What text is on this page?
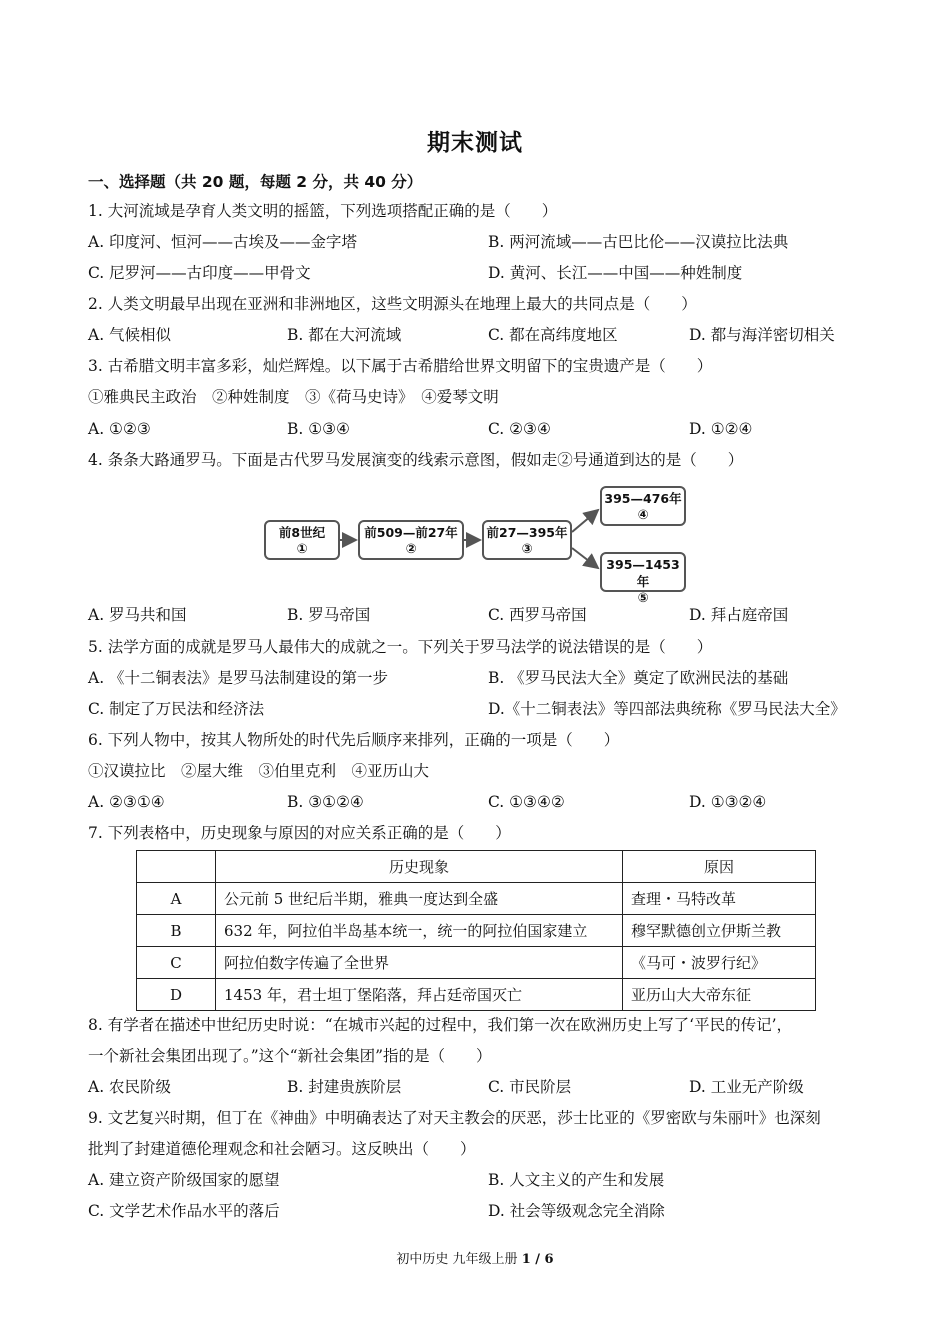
期末测试
一、选择题（共 20 题，每题 2 分，共 40 分）
1. 大河流域是孕育人类文明的摇篮，下列选项搭配正确的是（　　）
A. 印度河、恒河——古埃及——金字塔	B. 两河流域——古巴比伦——汉谟拉比法典
C. 尼罗河——古印度——甲骨文	D. 黄河、长江——中国——种姓制度
2. 人类文明最早出现在亚洲和非洲地区，这些文明源头在地理上最大的共同点是（　　）
A. 气候相似	B. 都在大河流域	C. 都在高纬度地区	D. 都与海洋密切相关
3. 古希腊文明丰富多彩，灿烂辉煌。以下属于古希腊给世界文明留下的宝贵遗产是（　　）
①雅典民主政治　②种姓制度　③《荷马史诗》　④爱琴文明
A. ①②③	B. ①③④	C. ②③④	D. ①②④
4. 条条大路通罗马。下面是古代罗马发展演变的线索示意图，假如走②号通道到达的是（　　）
前8世纪
①
前509—前27年
②
前27—395年
③
395—476年
④
395—1453年
⑤
A. 罗马共和国	B. 罗马帝国	C. 西罗马帝国	D. 拜占庭帝国
5. 法学方面的成就是罗马人最伟大的成就之一。下列关于罗马法学的说法错误的是（　　）
A. 《十二铜表法》是罗马法制建设的第一步	B. 《罗马民法大全》奠定了欧洲民法的基础
C. 制定了万民法和经济法	D.《十二铜表法》等四部法典统称《罗马民法大全》
6. 下列人物中，按其人物所处的时代先后顺序来排列，正确的一项是（　　）
①汉谟拉比　②屋大维　③伯里克利　④亚历山大
A. ②③①④	B. ③①②④	C. ①③④②	D. ①③②④
7. 下列表格中，历史现象与原因的对应关系正确的是（　　）
	历史现象	原因
A	公元前 5 世纪后半期，雅典一度达到全盛	查理・马特改革
B	632 年，阿拉伯半岛基本统一，统一的阿拉伯国家建立	穆罕默德创立伊斯兰教
C	阿拉伯数字传遍了全世界	《马可・波罗行纪》
D	1453 年，君士坦丁堡陷落，拜占廷帝国灭亡	亚历山大大帝东征
8. 有学者在描述中世纪历史时说：“在城市兴起的过程中，我们第一次在欧洲历史上写了‘平民的传记’，
一个新社会集团出现了。”这个“新社会集团”指的是（　　）
A. 农民阶级	B. 封建贵族阶层	C. 市民阶层	D. 工业无产阶级
9. 文艺复兴时期，但丁在《神曲》中明确表达了对天主教会的厌恶，莎士比亚的《罗密欧与朱丽叶》也深刻
批判了封建道德伦理观念和社会陋习。这反映出（　　）
A. 建立资产阶级国家的愿望	B. 人文主义的产生和发展
C. 文学艺术作品水平的落后	D. 社会等级观念完全消除
初中历史 九年级上册 1 / 6
